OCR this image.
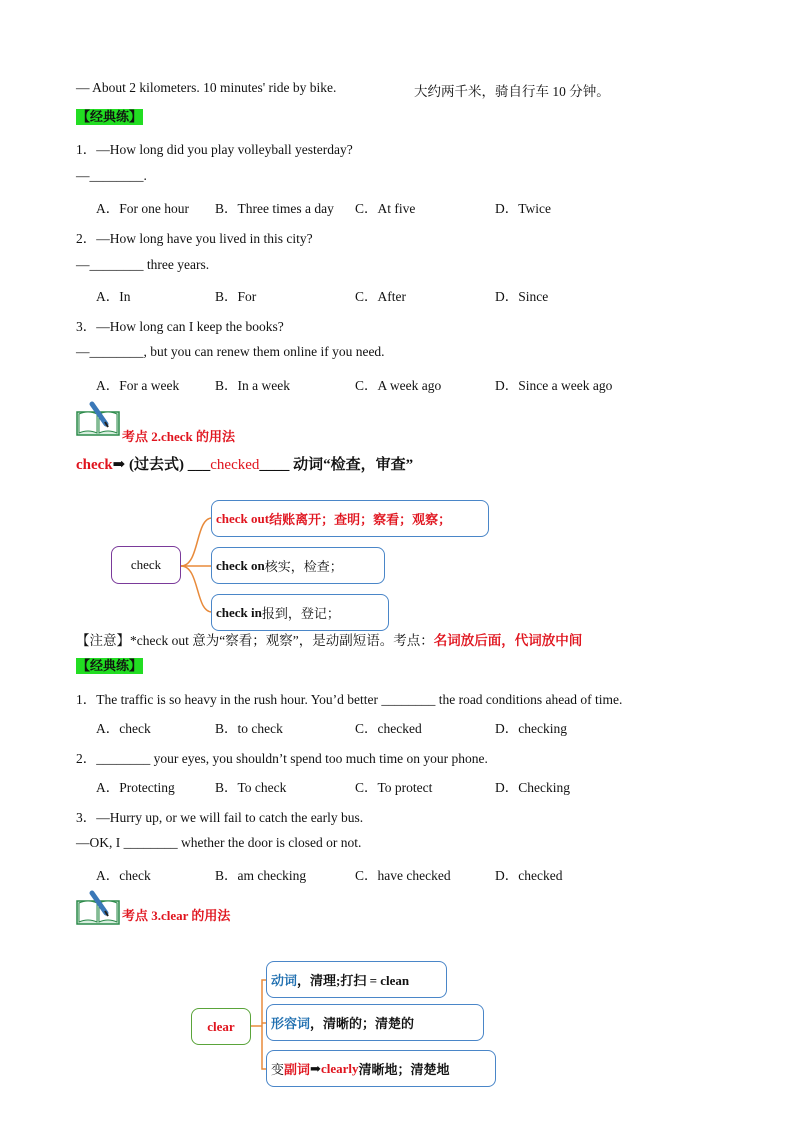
— About 2 kilometers. 10 minutes' ride by bike.	大约两千米，骑自行车 10 分钟。
【经典练】
1．—How long did you play volleyball yesterday?
—________.
A．For one hour B．Three times a day C．At five	D．Twice
2．—How long have you lived in this city?
—________ three years.
A．In	B．For	C．After	D．Since
3．—How long can I keep the books?
—________, but you can renew them online if you need.
A．For a week	B．In a week	C．A week ago	D．Since a week ago
考点 2.check 的用法
check➡ (过去式) ___checked____ 动词“检查，审查”
check
check out 结账离开；查明；察看；观察；
check on 核实，检查；
check in 报到，登记；
【注意】*check out 意为“察看；观察”，是动副短语。考点：名词放后面，代词放中间
【经典练】
1．The traffic is so heavy in the rush hour. You’d better ________ the road conditions ahead of time.
A．check	B．to check	C．checked	D．checking
2．________ your eyes, you shouldn’t spend too much time on your phone.
A．Protecting	B．To check	C．To protect	D．Checking
3．—Hurry up, or we will fail to catch the early bus.
—OK, I ________ whether the door is closed or not.
A．check	B．am checking	C．have checked	D．checked
考点 3.clear 的用法
clear
动词 ，清理;打扫 = clean
形容词 ，清晰的；清楚的
变 副词 ➡ clearly 清晰地；清楚地
